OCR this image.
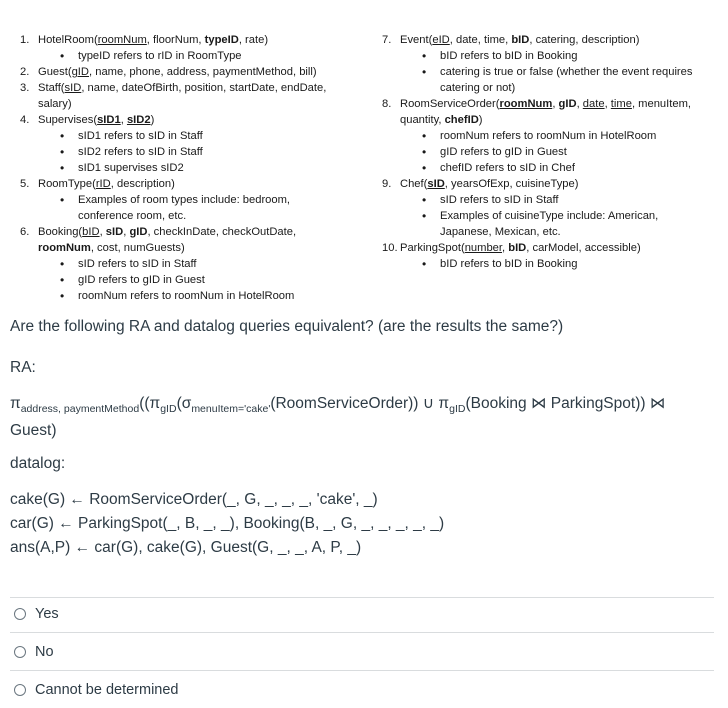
1. HotelRoom(roomNum, floorNum, typeID, rate)
• typeID refers to rID in RoomType
2. Guest(gID, name, phone, address, paymentMethod, bill)
3. Staff(sID, name, dateOfBirth, position, startDate, endDate,
salary)
4. Supervises(sID1, sID2)
• sID1 refers to sID in Staff
• sID2 refers to sID in Staff
• sID1 supervises sID2
5. RoomType(rID, description)
• Examples of room types include: bedroom,
conference room, etc.
6. Booking(bID, sID, gID, checkInDate, checkOutDate,
roomNum, cost, numGuests)
• sID refers to sID in Staff
• gID refers to gID in Guest
• roomNum refers to roomNum in HotelRoom
7. Event(eID, date, time, bID, catering, description)
• bID refers to bID in Booking
• catering is true or false (whether the event requires
catering or not)
8. RoomServiceOrder(roomNum, gID, date, time, menuItem,
quantity, chefID)
• roomNum refers to roomNum in HotelRoom
• gID refers to gID in Guest
• chefID refers to sID in Chef
9. Chef(sID, yearsOfExp, cuisineType)
• sID refers to sID in Staff
• Examples of cuisineType include: American,
Japanese, Mexican, etc.
10. ParkingSpot(number, bID, carModel, accessible)
• bID refers to bID in Booking
Are the following RA and datalog queries equivalent? (are the results the same?)
RA:
$\pi_{address, paymentMethod}((\pi_{gID}(\sigma_{menuItem='cake'}(RoomServiceOrder))$ ∪ $\pi_{gID}(Booking$ ⋈ ParkingSpot)) ⋈
Guest)
datalog:
cake(G) ← RoomServiceOrder(_, G, _, _, _, 'cake', _)
car(G) ← ParkingSpot(_, B, _, _), Booking(B, _, G, _, _, _, _, _)
ans(A,P) ← car(G), cake(G), Guest(G, _, _, A, P, _)
Yes
No
Cannot be determined
